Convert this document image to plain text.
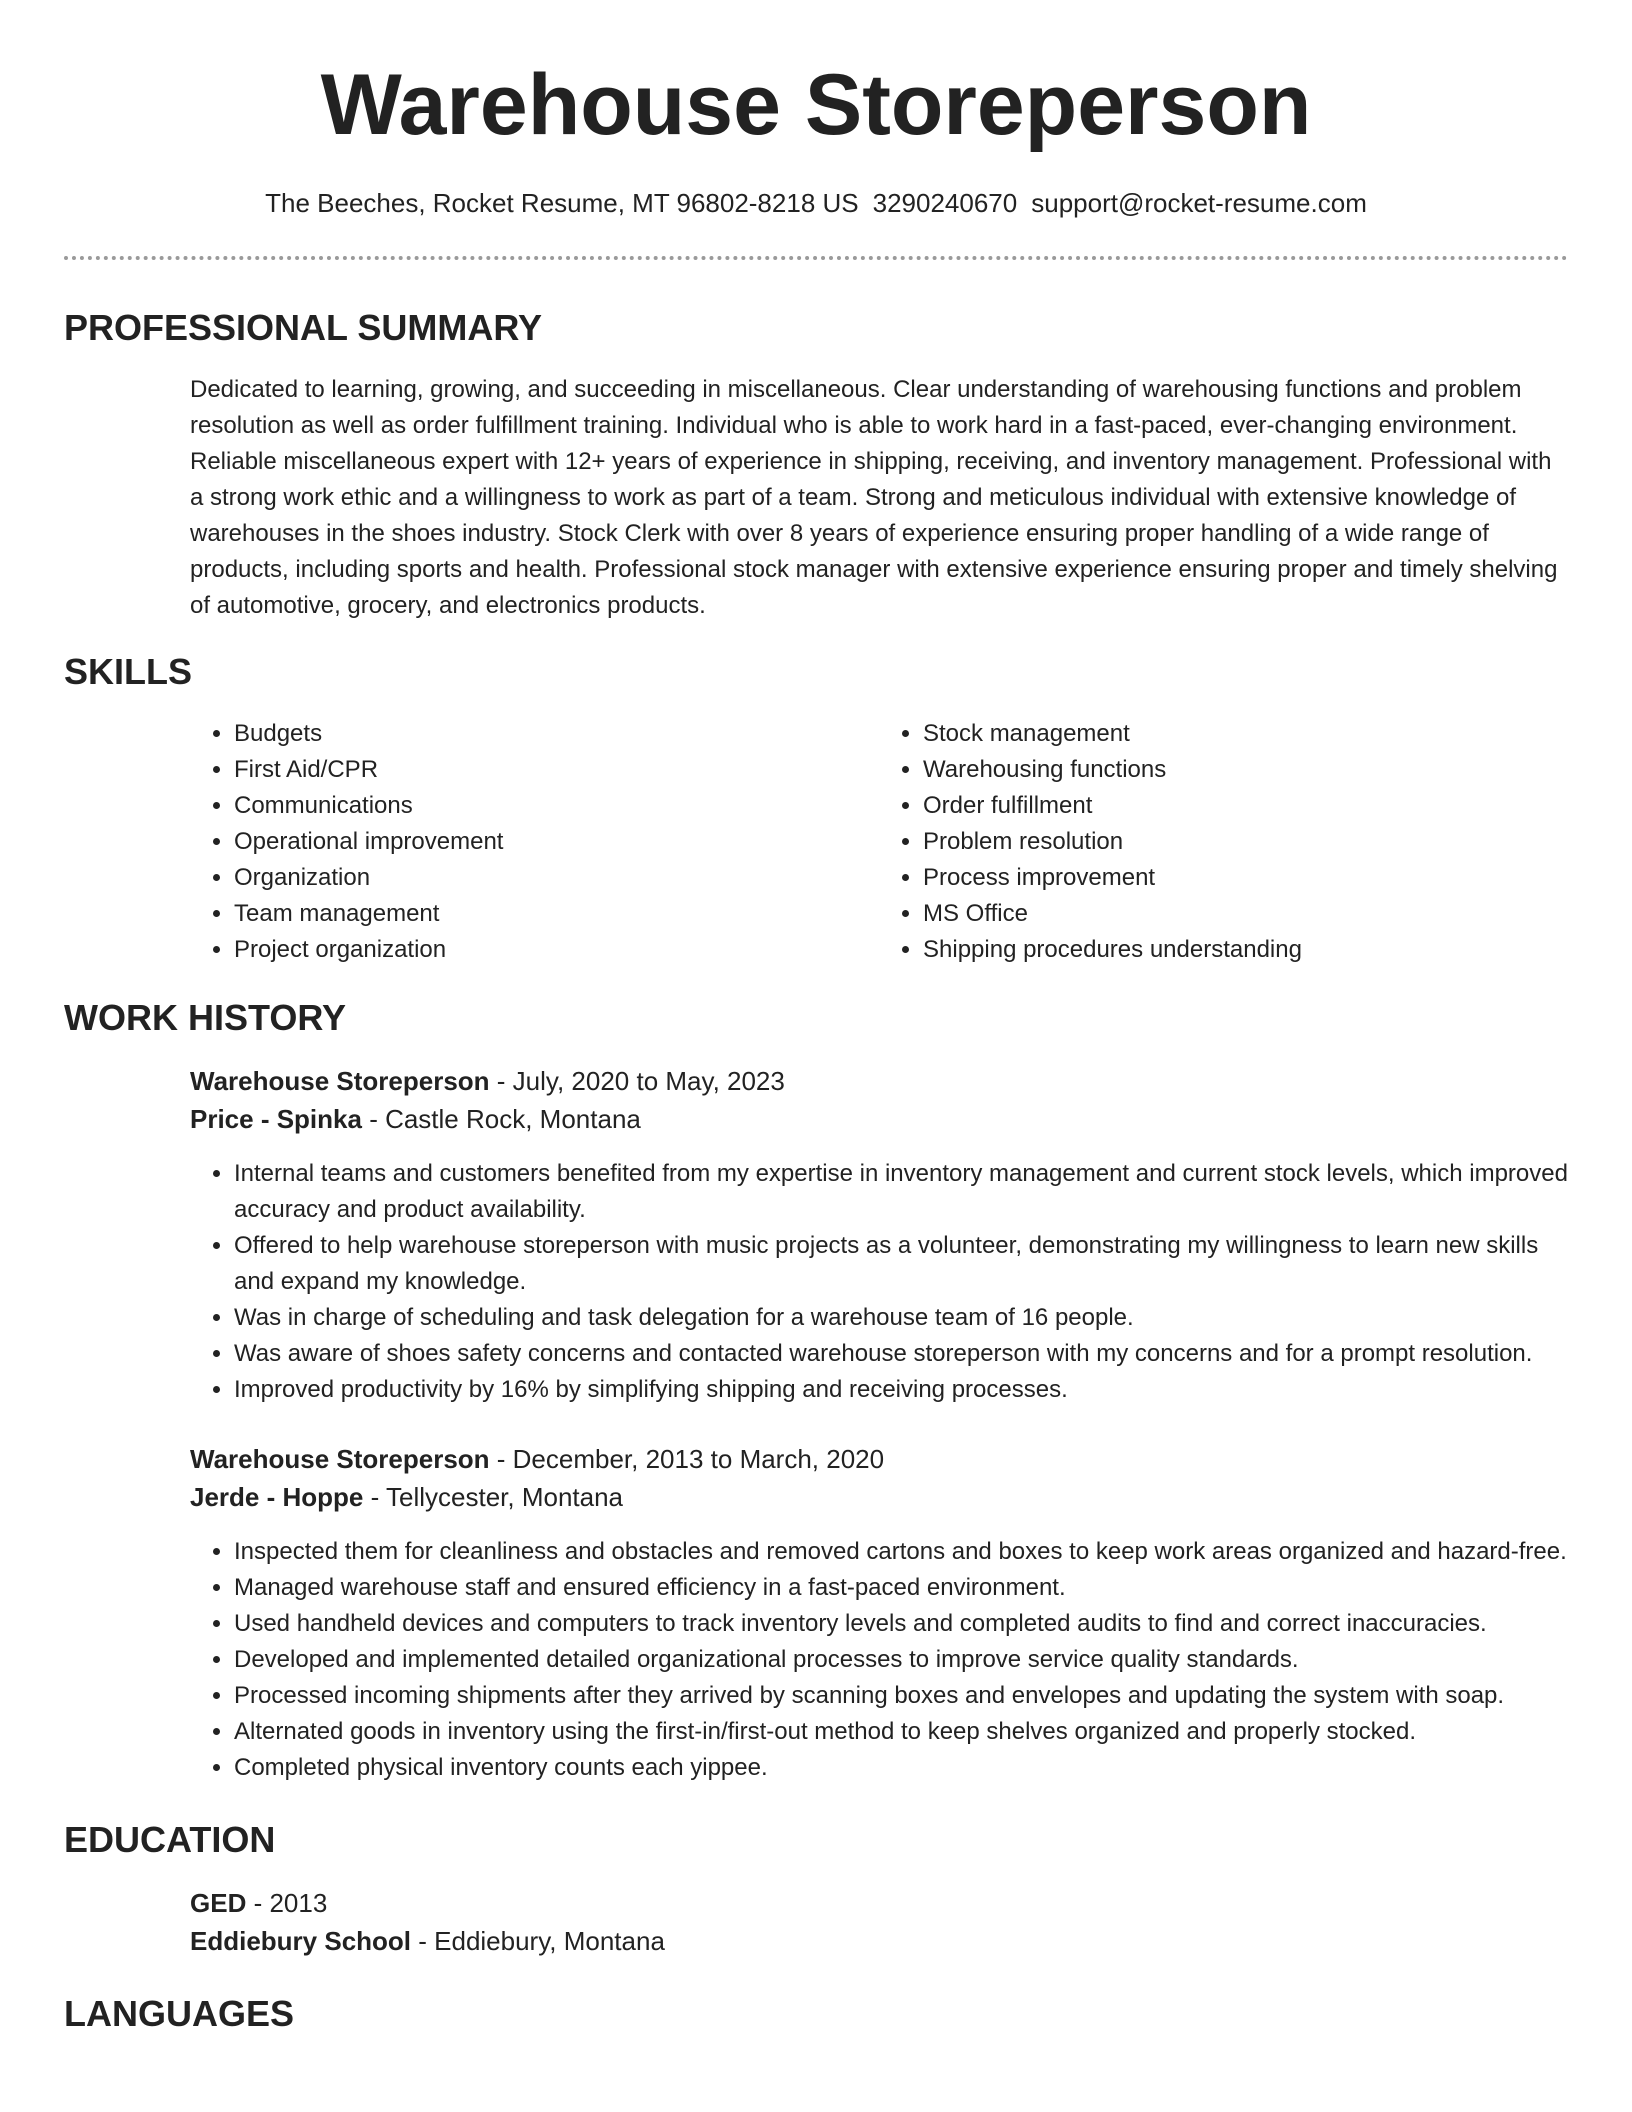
Warehouse Storeperson
The Beeches, Rocket Resume, MT 96802-8218 US 3290240670 support@rocket-resume.com
PROFESSIONAL SUMMARY

Dedicated to learning, growing, and succeeding in miscellaneous. Clear understanding of warehousing functions and problem resolution as well as order fulfillment training. Individual who is able to work hard in a fast-paced, ever-changing environment. Reliable miscellaneous expert with 12+ years of experience in shipping, receiving, and inventory management. Professional with a strong work ethic and a willingness to work as part of a team. Strong and meticulous individual with extensive knowledge of warehouses in the shoes industry. Stock Clerk with over 8 years of experience ensuring proper handling of a wide range of products, including sports and health. Professional stock manager with extensive experience ensuring proper and timely shelving of automotive, grocery, and electronics products.

SKILLS
• Budgets
• First Aid/CPR
• Communications
• Operational improvement
• Organization
• Team management
• Project organization
• Stock management
• Warehousing functions
• Order fulfillment
• Problem resolution
• Process improvement
• MS Office
• Shipping procedures understanding
WORK HISTORY
Warehouse Storeperson - July, 2020 to May, 2023
Price - Spinka - Castle Rock, Montana
• Internal teams and customers benefited from my expertise in inventory management and current stock levels, which improved accuracy and product availability.
• Offered to help warehouse storeperson with music projects as a volunteer, demonstrating my willingness to learn new skills and expand my knowledge.
• Was in charge of scheduling and task delegation for a warehouse team of 16 people.
• Was aware of shoes safety concerns and contacted warehouse storeperson with my concerns and for a prompt resolution.
• Improved productivity by 16% by simplifying shipping and receiving processes.
Warehouse Storeperson - December, 2013 to March, 2020
Jerde - Hoppe - Tellycester, Montana
• Inspected them for cleanliness and obstacles and removed cartons and boxes to keep work areas organized and hazard-free.
• Managed warehouse staff and ensured efficiency in a fast-paced environment.
• Used handheld devices and computers to track inventory levels and completed audits to find and correct inaccuracies.
• Developed and implemented detailed organizational processes to improve service quality standards.
• Processed incoming shipments after they arrived by scanning boxes and envelopes and updating the system with soap.
• Alternated goods in inventory using the first-in/first-out method to keep shelves organized and properly stocked.
• Completed physical inventory counts each yippee.
EDUCATION
GED - 2013
Eddiebury School - Eddiebury, Montana
LANGUAGES
